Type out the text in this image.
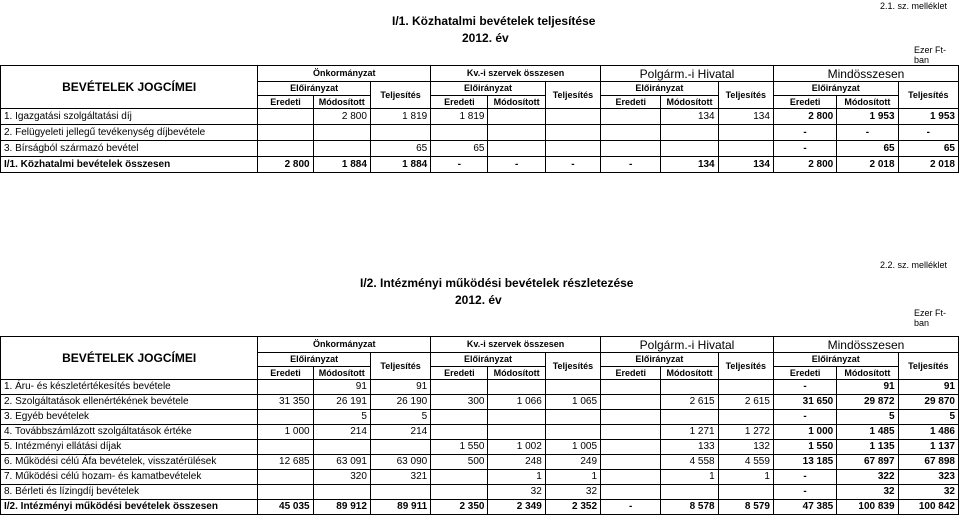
2.1. sz. melléklet
I/1. Közhatalmi bevételek teljesítése
2012. év
Ezer Ft-ban
BEVÉTELEK JOGCÍMEI	Önkormányzat			Kv.-i szervek összesen			Polgárm.-i Hivatal			Mindösszesen		
	Előirányzat		Teljesítés	Előirányzat		Teljesítés	Előirányzat		Teljesítés	Előirányzat		Teljesítés
	Eredeti	Módosított		Eredeti	Módosított		Eredeti	Módosított		Eredeti	Módosított	
1. Igazgatási szolgáltatási díj		2 800	1 819	1 819				134	134	2 800	1 953	1 953
2. Felügyeleti jellegű tevékenység díjbevétele										-	-	-
3. Bírságból származó bevétel			65	65						-	65	65
I/1. Közhatalmi bevételek összesen	2 800	1 884	1 884	-	-	-	-	134	134	2 800	2 018	2 018
2.2. sz. melléklet
I/2. Intézményi működési bevételek részletezése
2012. év
Ezer Ft-ban
BEVÉTELEK JOGCÍMEI	Önkormányzat			Kv.-i szervek összesen			Polgárm.-i Hivatal			Mindösszesen		
	Előirányzat		Teljesítés	Előirányzat		Teljesítés	Előirányzat		Teljesítés	Előirányzat		Teljesítés
	Eredeti	Módosított		Eredeti	Módosított		Eredeti	Módosított		Eredeti	Módosított	
1. Áru- és készletértékesítés bevétele		91	91							-	91	91
2. Szolgáltatások ellenértékének bevétele	31 350	26 191	26 190	300	1 066	1 065		2 615	2 615	31 650	29 872	29 870
3. Egyéb bevételek		5	5							-	5	5
4. Továbbszámlázott szolgáltatások értéke	1 000	214	214					1 271	1 272	1 000	1 485	1 486
5. Intézményi ellátási díjak				1 550	1 002	1 005		133	132	1 550	1 135	1 137
6. Működési célú Áfa bevételek, visszatérülések	12 685	63 091	63 090	500	248	249		4 558	4 559	13 185	67 897	67 898
7. Működési célú hozam- és kamatbevételek		320	321		1	1		1	1	-	322	323
8. Bérleti és lízingdíj bevételek					32	32				-	32	32
I/2. Intézményi működési bevételek összesen	45 035	89 912	89 911	2 350	2 349	2 352	-	8 578	8 579	47 385	100 839	100 842
